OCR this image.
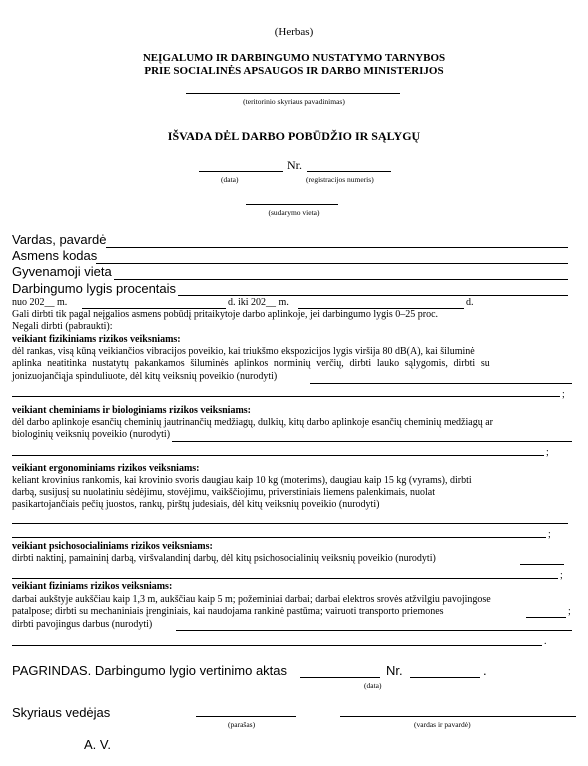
(Herbas)
NEĮGALUMO IR DARBINGUMO NUSTATYMO TARNYBOS
PRIE SOCIALINĖS APSAUGOS IR DARBO MINISTERIJOS
(teritorinio skyriaus pavadinimas)
IŠVADA DĖL DARBO POBŪDŽIO IR SĄLYGŲ
Nr.
(data)	(registracijos numeris)
(sudarymo vieta)
Vardas, pavardė
Asmens kodas
Gyvenamoji vieta
Darbingumo lygis procentais
nuo 202__ m.	d. iki 202__ m.	d.
Gali dirbti tik pagal neįgalios asmens pobūdį pritaikytoje darbo aplinkoje, jei darbingumo lygis 0–25 proc.
Negali dirbti (pabraukti):
veikiant fizikiniams rizikos veiksniams:
dėl rankas, visą kūną veikiančios vibracijos poveikio, kai triukšmo ekspozicijos lygis viršija 80 dB(A), kai šiluminė
aplinka neatitinka nustatytų pakankamos šiluminės aplinkos norminių verčių, dirbti lauko sąlygomis, dirbti su
jonizuojančiąja spinduliuote, dėl kitų veiksnių poveikio (nurodyti)
;
veikiant cheminiams ir biologiniams rizikos veiksniams:
dėl darbo aplinkoje esančių cheminių jautrinančių medžiagų, dulkių, kitų darbo aplinkoje esančių cheminių medžiagų ar
biologinių veiksnių poveikio (nurodyti)
;
veikiant ergonominiams rizikos veiksniams:
keliant krovinius rankomis, kai krovinio svoris daugiau kaip 10 kg (moterims), daugiau kaip 15 kg (vyrams), dirbti
darbą, susijusį su nuolatiniu sėdėjimu, stovėjimu, vaikščiojimu, priverstiniais liemens palenkimais, nuolat
pasikartojančiais pečių juostos, rankų, pirštų judesiais, dėl kitų veiksnių poveikio (nurodyti)
;
veikiant psichosocialiniams rizikos veiksniams:
dirbti naktinį, pamaininį darbą, viršvalandinį darbų, dėl kitų psichosocialinių veiksnių poveikio (nurodyti)
;
veikiant fiziniams rizikos veiksniams:
darbai aukštyje aukščiau kaip 1,3 m, aukščiau kaip 5 m; požeminiai darbai; darbai elektros srovės atžvilgiu pavojingose
patalpose; dirbti su mechaniniais įrenginiais, kai naudojama rankinė pastūma; vairuoti transporto priemones	;
dirbti pavojingus darbus (nurodyti)
.
PAGRINDAS. Darbingumo lygio vertinimo aktas	Nr.	.
(data)
Skyriaus vedėjas
(parašas)	(vardas ir pavardė)
A. V.
